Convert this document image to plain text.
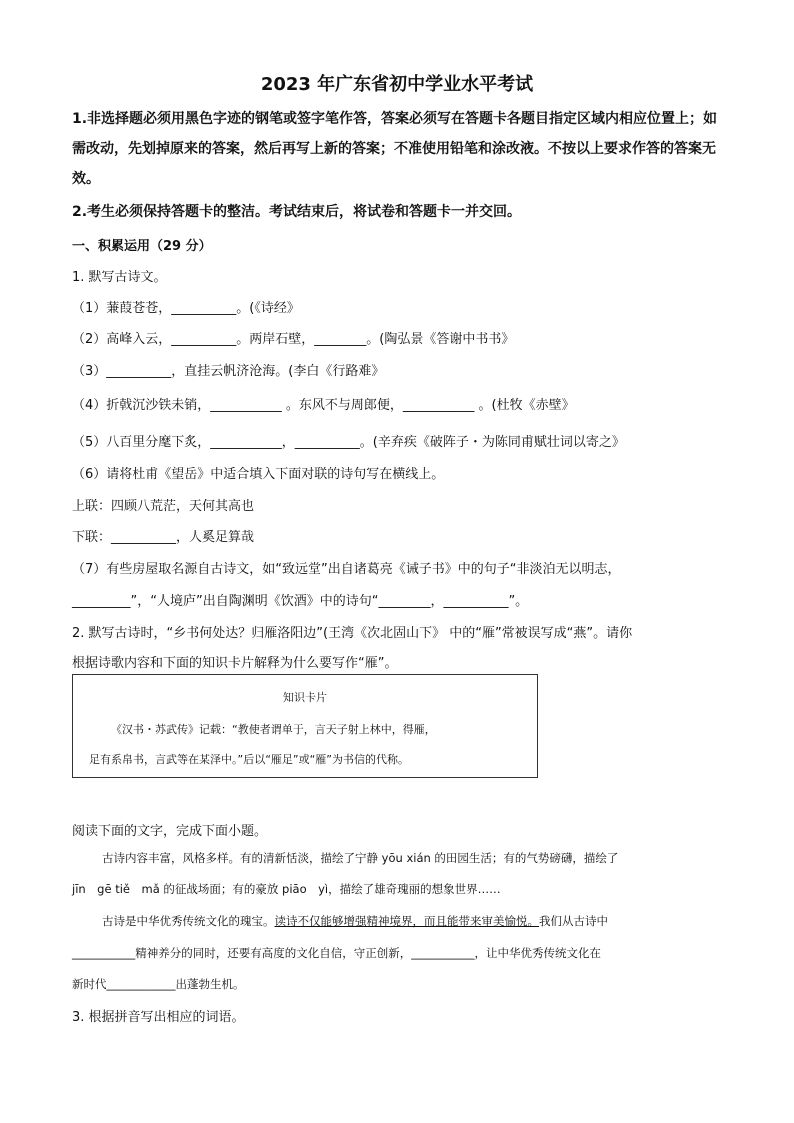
2023 年广东省初中学业水平考试
1.非选择题必须用黑色字迹的钢笔或签字笔作答，答案必须写在答题卡各题目指定区域内相应位置上；如需改动，先划掉原来的答案，然后再写上新的答案；不准使用铅笔和涂改液。不按以上要求作答的答案无效。
2.考生必须保持答题卡的整洁。考试结束后，将试卷和答题卡一并交回。
一、积累运用（29 分）
1. 默写古诗文。
（1）蒹葭苍苍，__________。(《诗经》
（2）高峰入云，__________。两岸石壁，________。(陶弘景《答谢中书书》
（3）__________，直挂云帆济沧海。(李白《行路难》
（4）折戟沉沙铁未销，___________ 。东风不与周郎便，___________ 。(杜牧《赤壁》
（5）八百里分麾下炙，___________，__________。(辛弃疾《破阵子・为陈同甫赋壮词以寄之》
（6）请将杜甫《望岳》中适合填入下面对联的诗句写在横线上。
上联：四顾八荒茫，天何其高也
下联：__________，人奚足算哉
（7）有些房屋取名源自古诗文，如“致远堂”出自诸葛亮《诫子书》中的句子“非淡泊无以明志，
_________”，“人境庐”出自陶渊明《饮酒》中的诗句“________，__________”。
2. 默写古诗时，“乡书何处达？归雁洛阳边”(王湾《次北固山下》 中的“雁”常被误写成“燕”。请你
根据诗歌内容和下面的知识卡片解释为什么要写作“雁”。
知识卡片
《汉书・苏武传》记载：“教使者谓单于，言天子射上林中，得雁，
足有系帛书，言武等在某泽中。”后以“雁足”或“雁”为书信的代称。
阅读下面的文字，完成下面小题。
古诗内容丰富，风格多样。有的清新恬淡，描绘了宁静 yōu xián 的田园生活；有的气势磅礴，描绘了
jīn　gē tiě　mǎ 的征战场面；有的豪放 piāo　yì，描绘了雄奇瑰丽的想象世界……
古诗是中华优秀传统文化的瑰宝。读诗不仅能够增强精神境界，而且能带来审美愉悦。我们从古诗中
___________精神养分的同时，还要有高度的文化自信，守正创新，___________，让中华优秀传统文化在
新时代____________出蓬勃生机。
3. 根据拼音写出相应的词语。
